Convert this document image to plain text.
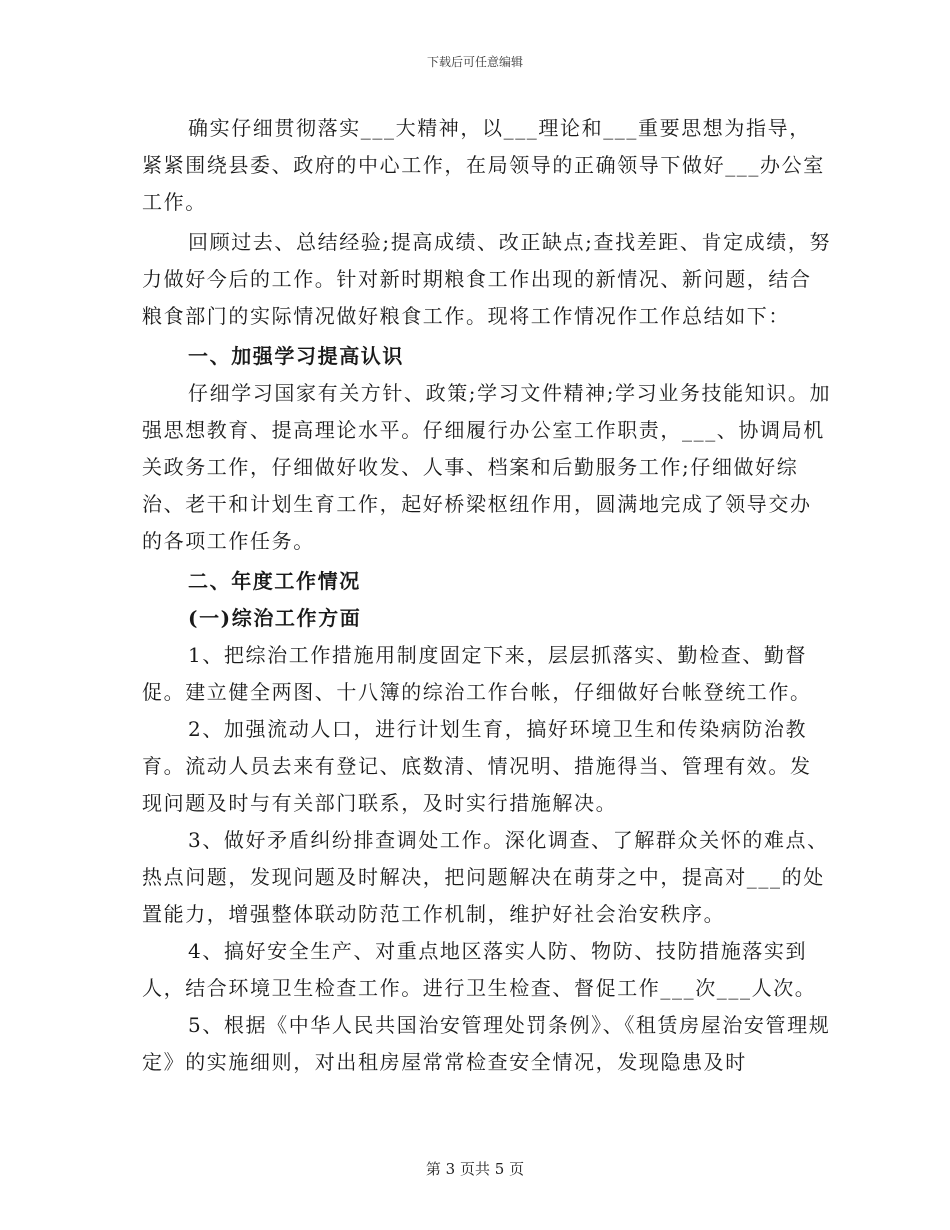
下载后可任意编辑

确实仔细贯彻落实___大精神，以___理论和___重要思想为指导，紧紧围绕县委、政府的中心工作，在局领导的正确领导下做好___办公室工作。

回顾过去、总结经验;提高成绩、改正缺点;查找差距、肯定成绩，努力做好今后的工作。针对新时期粮食工作出现的新情况、新问题，结合粮食部门的实际情况做好粮食工作。现将工作情况作工作总结如下：

一、加强学习提高认识

仔细学习国家有关方针、政策;学习文件精神;学习业务技能知识。加强思想教育、提高理论水平。仔细履行办公室工作职责，___、协调局机关政务工作，仔细做好收发、人事、档案和后勤服务工作;仔细做好综治、老干和计划生育工作，起好桥梁枢纽作用，圆满地完成了领导交办的各项工作任务。

二、年度工作情况

(一)综治工作方面

1、把综治工作措施用制度固定下来，层层抓落实、勤检查、勤督促。建立健全两图、十八簿的综治工作台帐，仔细做好台帐登统工作。

2、加强流动人口，进行计划生育，搞好环境卫生和传染病防治教育。流动人员去来有登记、底数清、情况明、措施得当、管理有效。发现问题及时与有关部门联系，及时实行措施解决。

3、做好矛盾纠纷排查调处工作。深化调查、了解群众关怀的难点、热点问题，发现问题及时解决，把问题解决在萌芽之中，提高对___的处置能力，增强整体联动防范工作机制，维护好社会治安秩序。

4、搞好安全生产、对重点地区落实人防、物防、技防措施落实到人，结合环境卫生检查工作。进行卫生检查、督促工作___次___人次。

5、根据《中华人民共国治安管理处罚条例》、《租赁房屋治安管理规定》的实施细则，对出租房屋常常检查安全情况，发现隐患及时

第 3 页共 5 页
